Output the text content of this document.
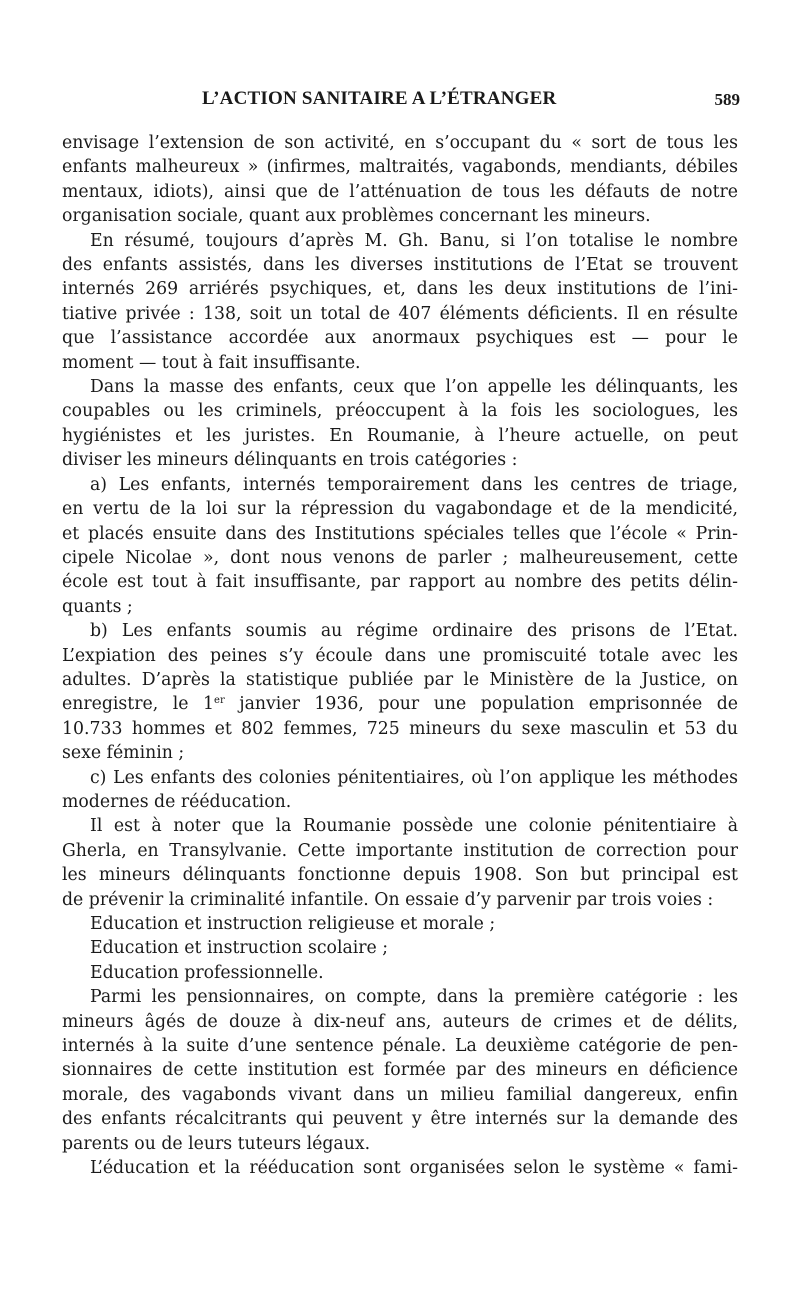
L’ACTION SANITAIRE A L’ÉTRANGER	589
envisage l’extension de son activité, en s’occupant du « sort de tous les
enfants malheureux » (infirmes, maltraités, vagabonds, mendiants, débiles
mentaux, idiots), ainsi que de l’atténuation de tous les défauts de notre
organisation sociale, quant aux problèmes concernant les mineurs.
En résumé, toujours d’après M. Gh. Banu, si l’on totalise le nombre
des enfants assistés, dans les diverses institutions de l’Etat se trouvent
internés 269 arriérés psychiques, et, dans les deux institutions de l’ini-
tiative privée : 138, soit un total de 407 éléments déficients. Il en résulte
que l’assistance accordée aux anormaux psychiques est — pour le
moment — tout à fait insuffisante.
Dans la masse des enfants, ceux que l’on appelle les délinquants, les
coupables ou les criminels, préoccupent à la fois les sociologues, les
hygiénistes et les juristes. En Roumanie, à l’heure actuelle, on peut
diviser les mineurs délinquants en trois catégories :
a) Les enfants, internés temporairement dans les centres de triage,
en vertu de la loi sur la répression du vagabondage et de la mendicité,
et placés ensuite dans des Institutions spéciales telles que l’école « Prin-
cipele Nicolae », dont nous venons de parler ; malheureusement, cette
école est tout à fait insuffisante, par rapport au nombre des petits délin-
quants ;
b) Les enfants soumis au régime ordinaire des prisons de l’Etat.
L’expiation des peines s’y écoule dans une promiscuité totale avec les
adultes. D’après la statistique publiée par le Ministère de la Justice, on
enregistre, le 1er janvier 1936, pour une population emprisonnée de
10.733 hommes et 802 femmes, 725 mineurs du sexe masculin et 53 du
sexe féminin ;
c) Les enfants des colonies pénitentiaires, où l’on applique les méthodes
modernes de rééducation.
Il est à noter que la Roumanie possède une colonie pénitentiaire à
Gherla, en Transylvanie. Cette importante institution de correction pour
les mineurs délinquants fonctionne depuis 1908. Son but principal est
de prévenir la criminalité infantile. On essaie d’y parvenir par trois voies :
Education et instruction religieuse et morale ;
Education et instruction scolaire ;
Education professionnelle.
Parmi les pensionnaires, on compte, dans la première catégorie : les
mineurs âgés de douze à dix-neuf ans, auteurs de crimes et de délits,
internés à la suite d’une sentence pénale. La deuxième catégorie de pen-
sionnaires de cette institution est formée par des mineurs en déficience
morale, des vagabonds vivant dans un milieu familial dangereux, enfin
des enfants récalcitrants qui peuvent y être internés sur la demande des
parents ou de leurs tuteurs légaux.
L’éducation et la rééducation sont organisées selon le système « fami-
